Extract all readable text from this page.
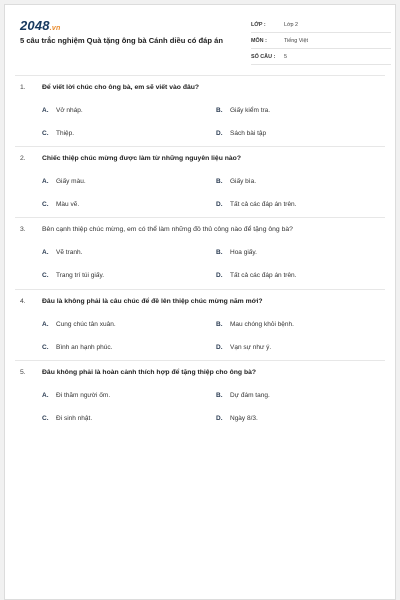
2048.vn
5 câu trắc nghiệm Quà tặng ông bà Cánh diều có đáp án
LỚP :	Lớp 2
MÔN :	Tiếng Việt
SỐ CÂU :	5
1.	Để viết lời chúc cho ông bà, em sẽ viết vào đâu?
A.	Vở nháp.	B.	Giấy kiểm tra.
C.	Thiệp.	D.	Sách bài tập
2.	Chiếc thiệp chúc mừng được làm từ những nguyên liệu nào?
A.	Giấy màu.	B.	Giấy bìa.
C.	Màu vẽ.	D.	Tất cả các đáp án trên.
3.	Bên cạnh thiệp chúc mừng, em có thể làm những đồ thủ công nào để tặng ông bà?
A.	Vẽ tranh.	B.	Hoa giấy.
C.	Trang trí túi giấy.	D.	Tất cả các đáp án trên.
4.	Đâu là không phải là câu chúc để đề lên thiệp chúc mừng năm mới?
A.	Cung chúc tân xuân.	B.	Mau chóng khỏi bệnh.
C.	Bình an hạnh phúc.	D.	Vạn sự như ý.
5.	Đâu không phải là hoàn cảnh thích hợp để tặng thiệp cho ông bà?
A.	Đi thăm người ốm.	B.	Dự đám tang.
C.	Đi sinh nhật.	D.	Ngày 8/3.
